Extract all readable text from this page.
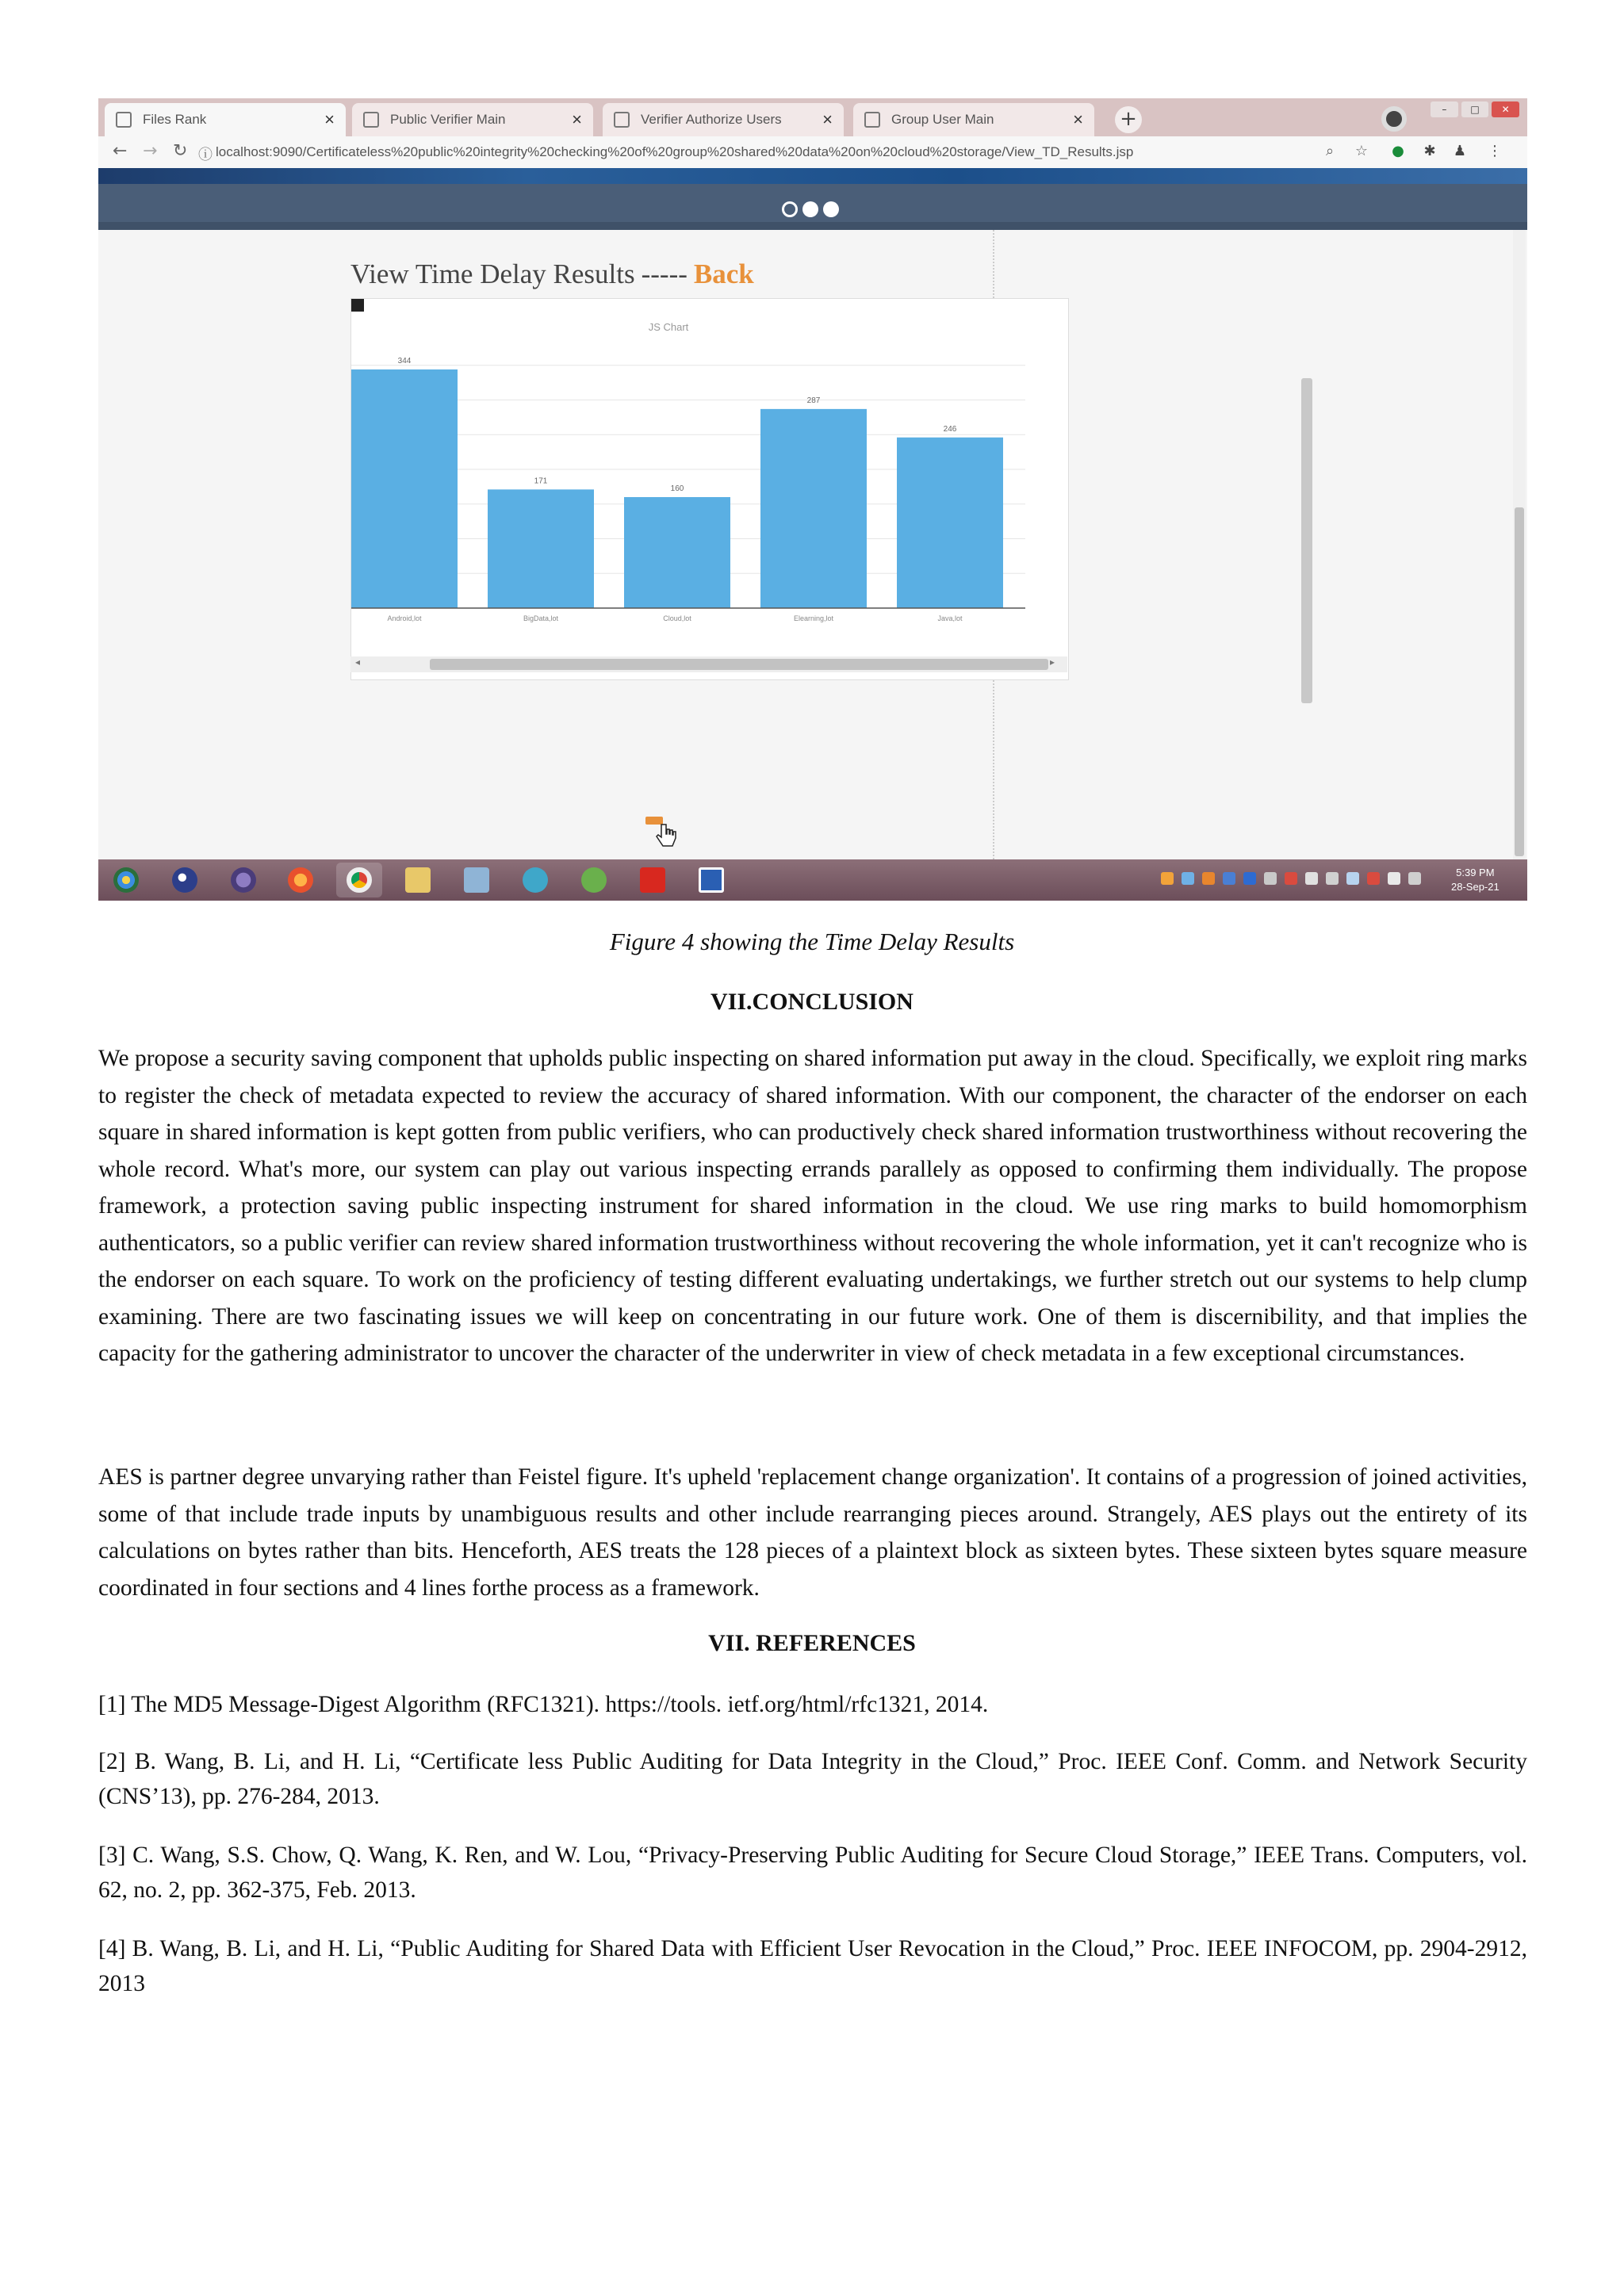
Files Rank	×	Public Verifier Main	×	Verifier Authorize Users	×	Group User Main	× +	–	□	✕
← → ↻ ⓘ localhost:9090/Certificateless%20public%20integrity%20checking%20of%20group%20shared%20data%20on%20cloud%20storage/View_TD_Results.jsp	⌕	☆ ● ✱ ♟ ⋮
View Time Delay Results ----- Back
JS Chart
344
Android,lot
171
BigData,lot
160
Cloud,lot
287
Elearning,lot
246
Java,lot
◂	▸
5:39 PM
28-Sep-21
Figure 4 showing the Time Delay Results
VII.CONCLUSION
We propose a security saving component that upholds public inspecting on shared information put away in the cloud. Specifically, we exploit ring marks to register the check of metadata expected to review the accuracy of shared information. With our component, the character of the endorser on each square in shared information is kept gotten from public verifiers, who can productively check shared information trustworthiness without recovering the whole record. What's more, our system can play out various inspecting errands parallely as opposed to confirming them individually. The propose framework, a protection saving public inspecting instrument for shared information in the cloud. We use ring marks to build homomorphism authenticators, so a public verifier can review shared information trustworthiness without recovering the whole information, yet it can't recognize who is the endorser on each square. To work on the proficiency of testing different evaluating undertakings, we further stretch out our systems to help clump examining. There are two fascinating issues we will keep on concentrating in our future work. One of them is discernibility, and that implies the capacity for the gathering administrator to uncover the character of the underwriter in view of check metadata in a few exceptional circumstances.
AES is partner degree unvarying rather than Feistel figure. It's upheld 'replacement change organization'. It contains of a progression of joined activities, some of that include trade inputs by unambiguous results and other include rearranging pieces around. Strangely, AES plays out the entirety of its calculations on bytes rather than bits. Henceforth, AES treats the 128 pieces of a plaintext block as sixteen bytes. These sixteen bytes square measure coordinated in four sections and 4 lines forthe process as a framework.
VII. REFERENCES
[1] The MD5 Message-Digest Algorithm (RFC1321). https://tools. ietf.org/html/rfc1321, 2014.
[2] B. Wang, B. Li, and H. Li, “Certificate less Public Auditing for Data Integrity in the Cloud,” Proc. IEEE Conf. Comm. and Network Security (CNS’13), pp. 276-284, 2013.
[3] C. Wang, S.S. Chow, Q. Wang, K. Ren, and W. Lou, “Privacy-Preserving Public Auditing for Secure Cloud Storage,” IEEE Trans. Computers, vol. 62, no. 2, pp. 362-375, Feb. 2013.
[4] B. Wang, B. Li, and H. Li, “Public Auditing for Shared Data with Efficient User Revocation in the Cloud,” Proc. IEEE INFOCOM, pp. 2904-2912, 2013
